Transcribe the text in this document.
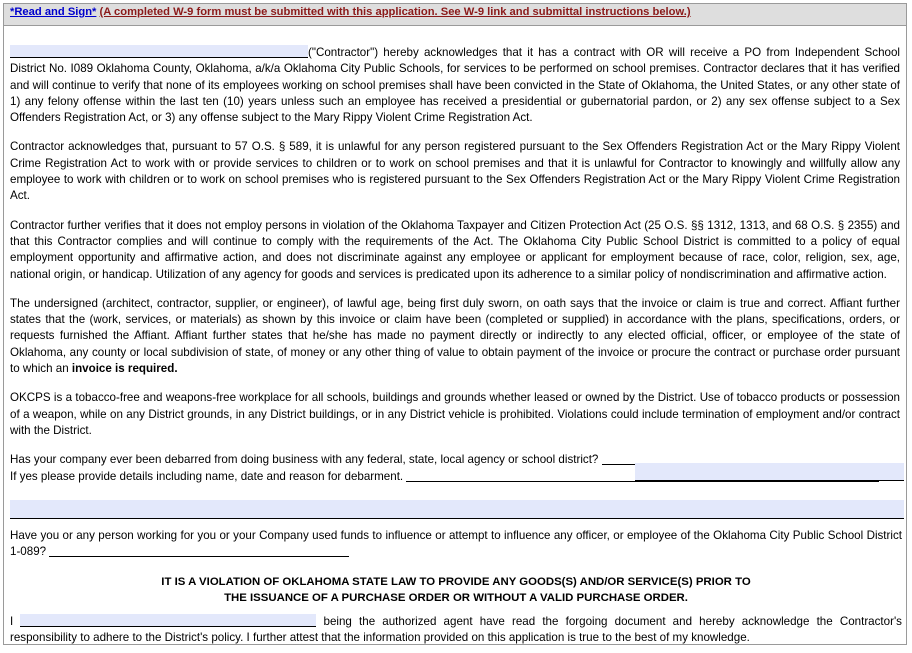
*Read and Sign* (A completed W-9 form must be submitted with this application. See W-9 link and submittal instructions below.)

("Contractor") hereby acknowledges that it has a contract with OR will receive a PO from Independent School District No. I089 Oklahoma County, Oklahoma, a/k/a Oklahoma City Public Schools, for services to be performed on school premises. Contractor declares that it has verified and will continue to verify that none of its employees working on school premises shall have been convicted in the State of Oklahoma, the United States, or any other state of 1) any felony offense within the last ten (10) years unless such an employee has received a presidential or gubernatorial pardon, or 2) any sex offense subject to a Sex Offenders Registration Act, or 3) any offense subject to the Mary Rippy Violent Crime Registration Act.

Contractor acknowledges that, pursuant to 57 O.S. § 589, it is unlawful for any person registered pursuant to the Sex Offenders Registration Act or the Mary Rippy Violent Crime Registration Act to work with or provide services to children or to work on school premises and that it is unlawful for Contractor to knowingly and willfully allow any employee to work with children or to work on school premises who is registered pursuant to the Sex Offenders Registration Act or the Mary Rippy Violent Crime Registration Act.

Contractor further verifies that it does not employ persons in violation of the Oklahoma Taxpayer and Citizen Protection Act (25 O.S. §§ 1312, 1313, and 68 O.S. § 2355) and that this Contractor complies and will continue to comply with the requirements of the Act. The Oklahoma City Public School District is committed to a policy of equal employment opportunity and affirmative action, and does not discriminate against any employee or applicant for employment because of race, color, religion, sex, age, national origin, or handicap. Utilization of any agency for goods and services is predicated upon its adherence to a similar policy of nondiscrimination and affirmative action.

The undersigned (architect, contractor, supplier, or engineer), of lawful age, being first duly sworn, on oath says that the invoice or claim is true and correct. Affiant further states that the (work, services, or materials) as shown by this invoice or claim have been (completed or supplied) in accordance with the plans, specifications, orders, or requests furnished the Affiant. Affiant further states that he/she has made no payment directly or indirectly to any elected official, officer, or employee of the state of Oklahoma, any county or local subdivision of state, of money or any other thing of value to obtain payment of the invoice or procure the contract or purchase order pursuant to which an invoice is required.

OKCPS is a tobacco-free and weapons-free workplace for all schools, buildings and grounds whether leased or owned by the District. Use of tobacco products or possession of a weapon, while on any District grounds, in any District buildings, or in any District vehicle is prohibited. Violations could include termination of employment and/or contract with the District.

Has your company ever been debarred from doing business with any federal, state, local agency or school district?
If yes please provide details including name, date and reason for debarment.

Have you or any person working for you or your Company used funds to influence or attempt to influence any officer, or employee of the Oklahoma City Public School District 1-089?

IT IS A VIOLATION OF OKLAHOMA STATE LAW TO PROVIDE ANY GOODS(S) AND/OR SERVICE(S) PRIOR TO
THE ISSUANCE OF A PURCHASE ORDER OR WITHOUT A VALID PURCHASE ORDER.

I	being the authorized agent have read the forgoing document and hereby acknowledge the Contractor's responsibility to adhere to the District's policy. I further attest that the information provided on this application is true to the best of my knowledge.
